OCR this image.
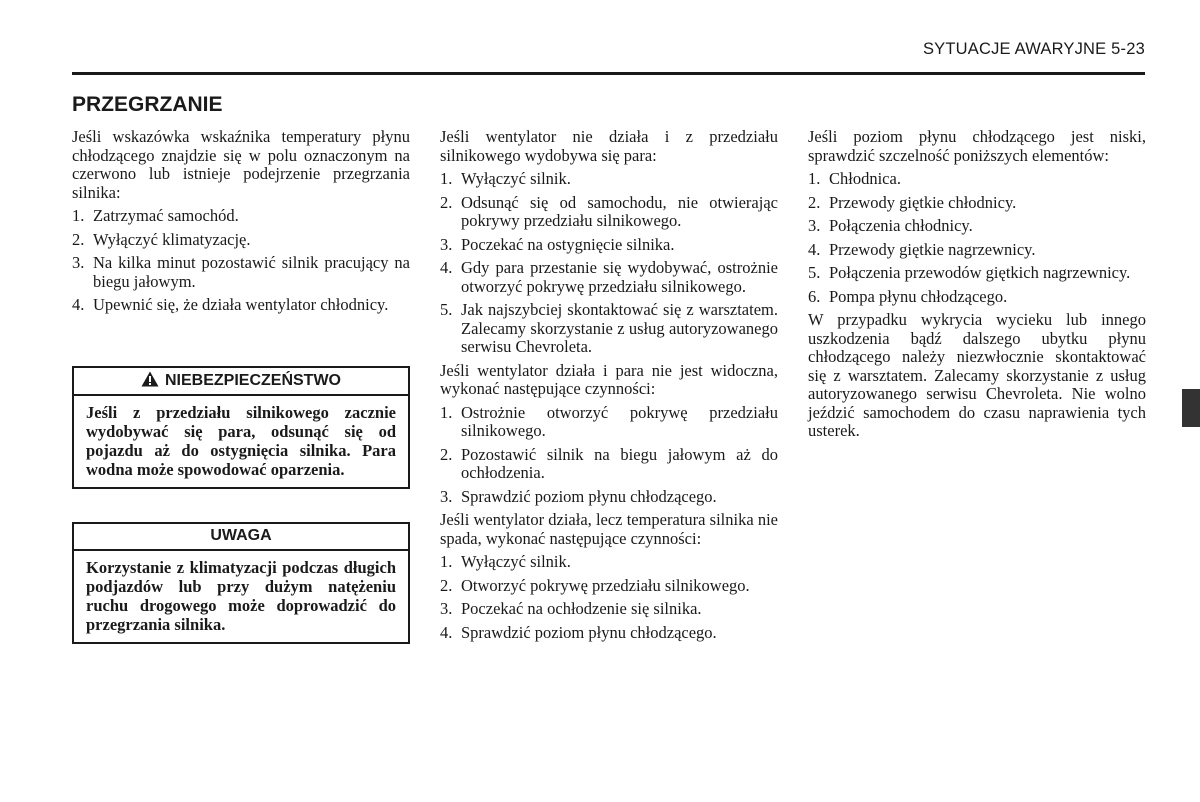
SYTUACJE AWARYJNE 5-23
PRZEGRZANIE

Jeśli wskazówka wskaźnika temperatury płynu chłodzącego znajdzie się w polu oznaczonym na czerwono lub istnieje podejrzenie przegrzania silnika:

1. Zatrzymać samochód.
2. Wyłączyć klimatyzację.
3. Na kilka minut pozostawić silnik pracujący na biegu jałowym.
4. Upewnić się, że działa wentylator chłodnicy.
NIEBEZPIECZEŃSTWO
Jeśli z przedziału silnikowego zacznie wydobywać się para, odsunąć się od pojazdu aż do ostygnięcia silnika. Para wodna może spowodować oparzenia.
UWAGA
Korzystanie z klimatyzacji podczas długich podjazdów lub przy dużym natężeniu ruchu drogowego może doprowadzić do przegrzania silnika.

Jeśli wentylator nie działa i z przedziału silnikowego wydobywa się para:

1. Wyłączyć silnik.
2. Odsunąć się od samochodu, nie otwierając pokrywy przedziału silnikowego.
3. Poczekać na ostygnięcie silnika.
4. Gdy para przestanie się wydobywać, ostrożnie otworzyć pokrywę przedziału silnikowego.
5. Jak najszybciej skontaktować się z warsztatem. Zalecamy skorzystanie z usług autoryzowanego serwisu Chevroleta.

Jeśli wentylator działa i para nie jest widoczna, wykonać następujące czynności:

1. Ostrożnie otworzyć pokrywę przedziału silnikowego.
2. Pozostawić silnik na biegu jałowym aż do ochłodzenia.
3. Sprawdzić poziom płynu chłodzącego.

Jeśli wentylator działa, lecz temperatura silnika nie spada, wykonać następujące czynności:

1. Wyłączyć silnik.
2. Otworzyć pokrywę przedziału silnikowego.
3. Poczekać na ochłodzenie się silnika.
4. Sprawdzić poziom płynu chłodzącego.

Jeśli poziom płynu chłodzącego jest niski, sprawdzić szczelność poniższych elementów:

1. Chłodnica.
2. Przewody giętkie chłodnicy.
3. Połączenia chłodnicy.
4. Przewody giętkie nagrzewnicy.
5. Połączenia przewodów giętkich nagrzewnicy.
6. Pompa płynu chłodzącego.

W przypadku wykrycia wycieku lub innego uszkodzenia bądź dalszego ubytku płynu chłodzącego należy niezwłocznie skontaktować się z warsztatem. Zalecamy skorzystanie z usług autoryzowanego serwisu Chevroleta. Nie wolno jeździć samochodem do czasu naprawienia tych usterek.
